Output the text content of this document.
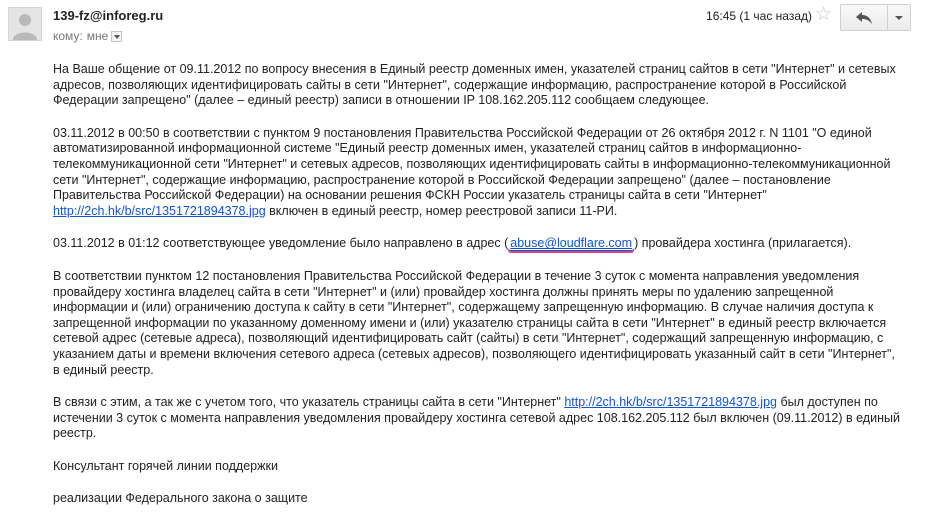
139-fz@inforeg.ru
кому: мне
16:45 (1 час назад) ☆

На Ваше общение от 09.11.2012 по вопросу внесения в Единый реестр доменных имен, указателей страниц сайтов в сети "Интернет" и сетевых адресов, позволяющих идентифицировать сайты в сети "Интернет", содержащие информацию, распространение которой в Российской Федерации запрещено" (далее – единый реестр) записи в отношении IP 108.162.205.112 сообщаем следующее.

03.11.2012 в 00:50 в соответствии с пунктом 9 постановления Правительства Российской Федерации от 26 октября 2012 г. N 1101 "О единой автоматизированной информационной системе "Единый реестр доменных имен, указателей страниц сайтов в информационно-телекоммуникационной сети "Интернет" и сетевых адресов, позволяющих идентифицировать сайты в информационно-телекоммуникационной сети "Интернет", содержащие информацию, распространение которой в Российской Федерации запрещено" (далее – постановление Правительства Российской Федерации) на основании решения ФСКН России указатель страницы сайта в сети "Интернет" http://2ch.hk/b/src/1351721894378.jpg включен в единый реестр, номер реестровой записи 11-РИ.

03.11.2012 в 01:12 соответствующее уведомление было направлено в адрес ( abuse@loudflare.com ) провайдера хостинга (прилагается).

В соответствии пунктом 12 постановления Правительства Российской Федерации в течение 3 суток с момента направления уведомления провайдеру хостинга владелец сайта в сети "Интернет" и (или) провайдер хостинга должны принять меры по удалению запрещенной информации и (или) ограничению доступа к сайту в сети "Интернет", содержащему запрещенную информацию. В случае наличия доступа к запрещенной информации по указанному доменному имени и (или) указателю страницы сайта в сети "Интернет" в единый реестр включается сетевой адрес (сетевые адреса), позволяющий идентифицировать сайт (сайты) в сети "Интернет", содержащий запрещенную информацию, с указанием даты и времени включения сетевого адреса (сетевых адресов), позволяющего идентифицировать указанный сайт в сети "Интернет", в единый реестр.

В связи с этим, а так же с учетом того, что указатель страницы сайта в сети "Интернет" http://2ch.hk/b/src/1351721894378.jpg был доступен по истечении 3 суток с момента направления уведомления провайдеру хостинга сетевой адрес 108.162.205.112 был включен (09.11.2012) в единый реестр.

Консультант горячей линии поддержки

реализации Федерального закона о защите
